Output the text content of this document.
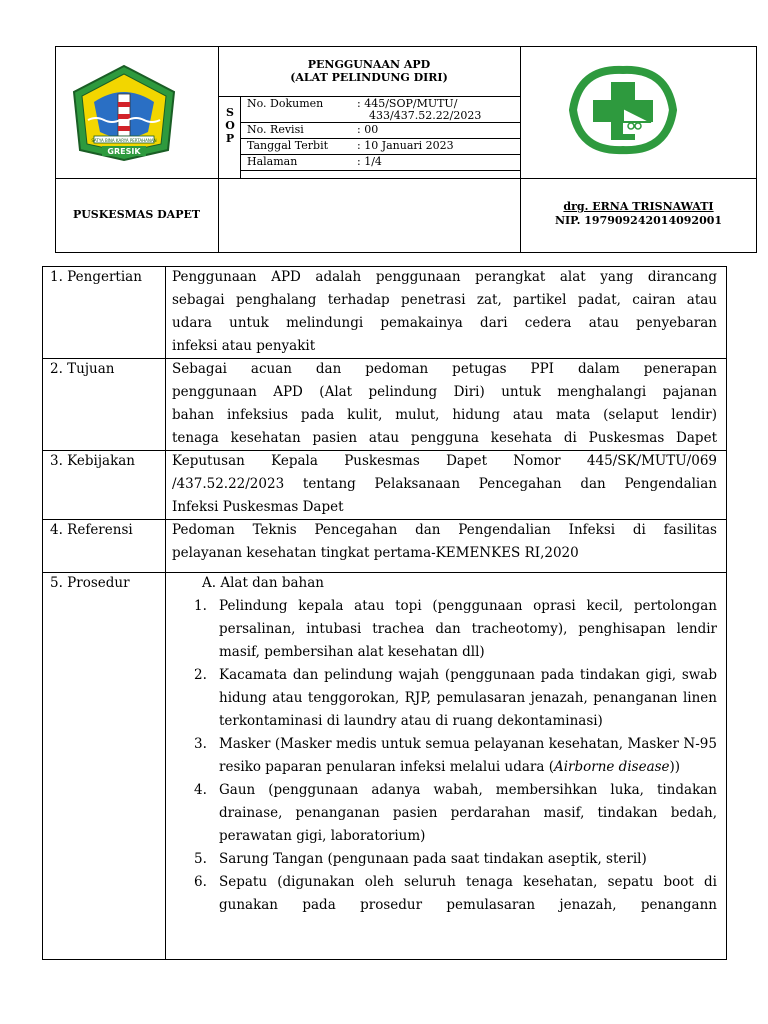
SATYA BINA KARYA PERTAHANAN
GRESIK
PENGGUNAAN APD
(ALAT PELINDUNG DIRI)
S
O
P
No. Dokumen	: 445/SOP/MUTU/
433/437.52.22/2023
No. Revisi	: 00
Tanggal Terbit	: 10 Januari 2023
Halaman	: 1/4
PUSKESMAS DAPET
drg. ERNA TRISNAWATI
NIP. 197909242014092001
1. Pengertian Penggunaan APD adalah penggunaan perangkat alat yang dirancang

sebagai penghalang terhadap penetrasi zat, partikel padat, cairan atau

udara untuk melindungi pemakainya dari cedera atau penyebaran

infeksi atau penyakit

2. Tujuan	Sebagai acuan dan pedoman petugas PPI dalam penerapan

penggunaan APD (Alat pelindung Diri) untuk menghalangi pajanan

bahan infeksius pada kulit, mulut, hidung atau mata (selaput lendir)

tenaga kesehatan pasien atau pengguna kesehata di Puskesmas Dapet

3. Kebijakan	Keputusan Kepala Puskesmas Dapet Nomor 445/SK/MUTU/069

/437.52.22/2023 tentang Pelaksanaan Pencegahan dan Pengendalian

Infeksi Puskesmas Dapet

4. Referensi	Pedoman Teknis Pencegahan dan Pengendalian Infeksi di fasilitas

pelayanan kesehatan tingkat pertama-KEMENKES RI,2020

5. Prosedur	A. Alat dan bahan
1. Pelindung kepala atau topi (penggunaan oprasi kecil, pertolongan persalinan, intubasi trachea dan tracheotomy), penghisapan lendir masif, pembersihan alat kesehatan dll)
2. Kacamata dan pelindung wajah (penggunaan pada tindakan gigi, swab hidung atau tenggorokan, RJP, pemulasaran jenazah, penanganan linen terkontaminasi di laundry atau di ruang dekontaminasi)
3. Masker (Masker medis untuk semua pelayanan kesehatan, Masker N-95 resiko paparan penularan infeksi melalui udara (Airborne disease))
4. Gaun (penggunaan adanya wabah, membersihkan luka, tindakan drainase, penanganan pasien perdarahan masif, tindakan bedah, perawatan gigi, laboratorium)
5. Sarung Tangan (pengunaan pada saat tindakan aseptik, steril)
6. Sepatu (digunakan oleh seluruh tenaga kesehatan, sepatu boot di gunakan pada prosedur pemulasaran jenazah, penangann
